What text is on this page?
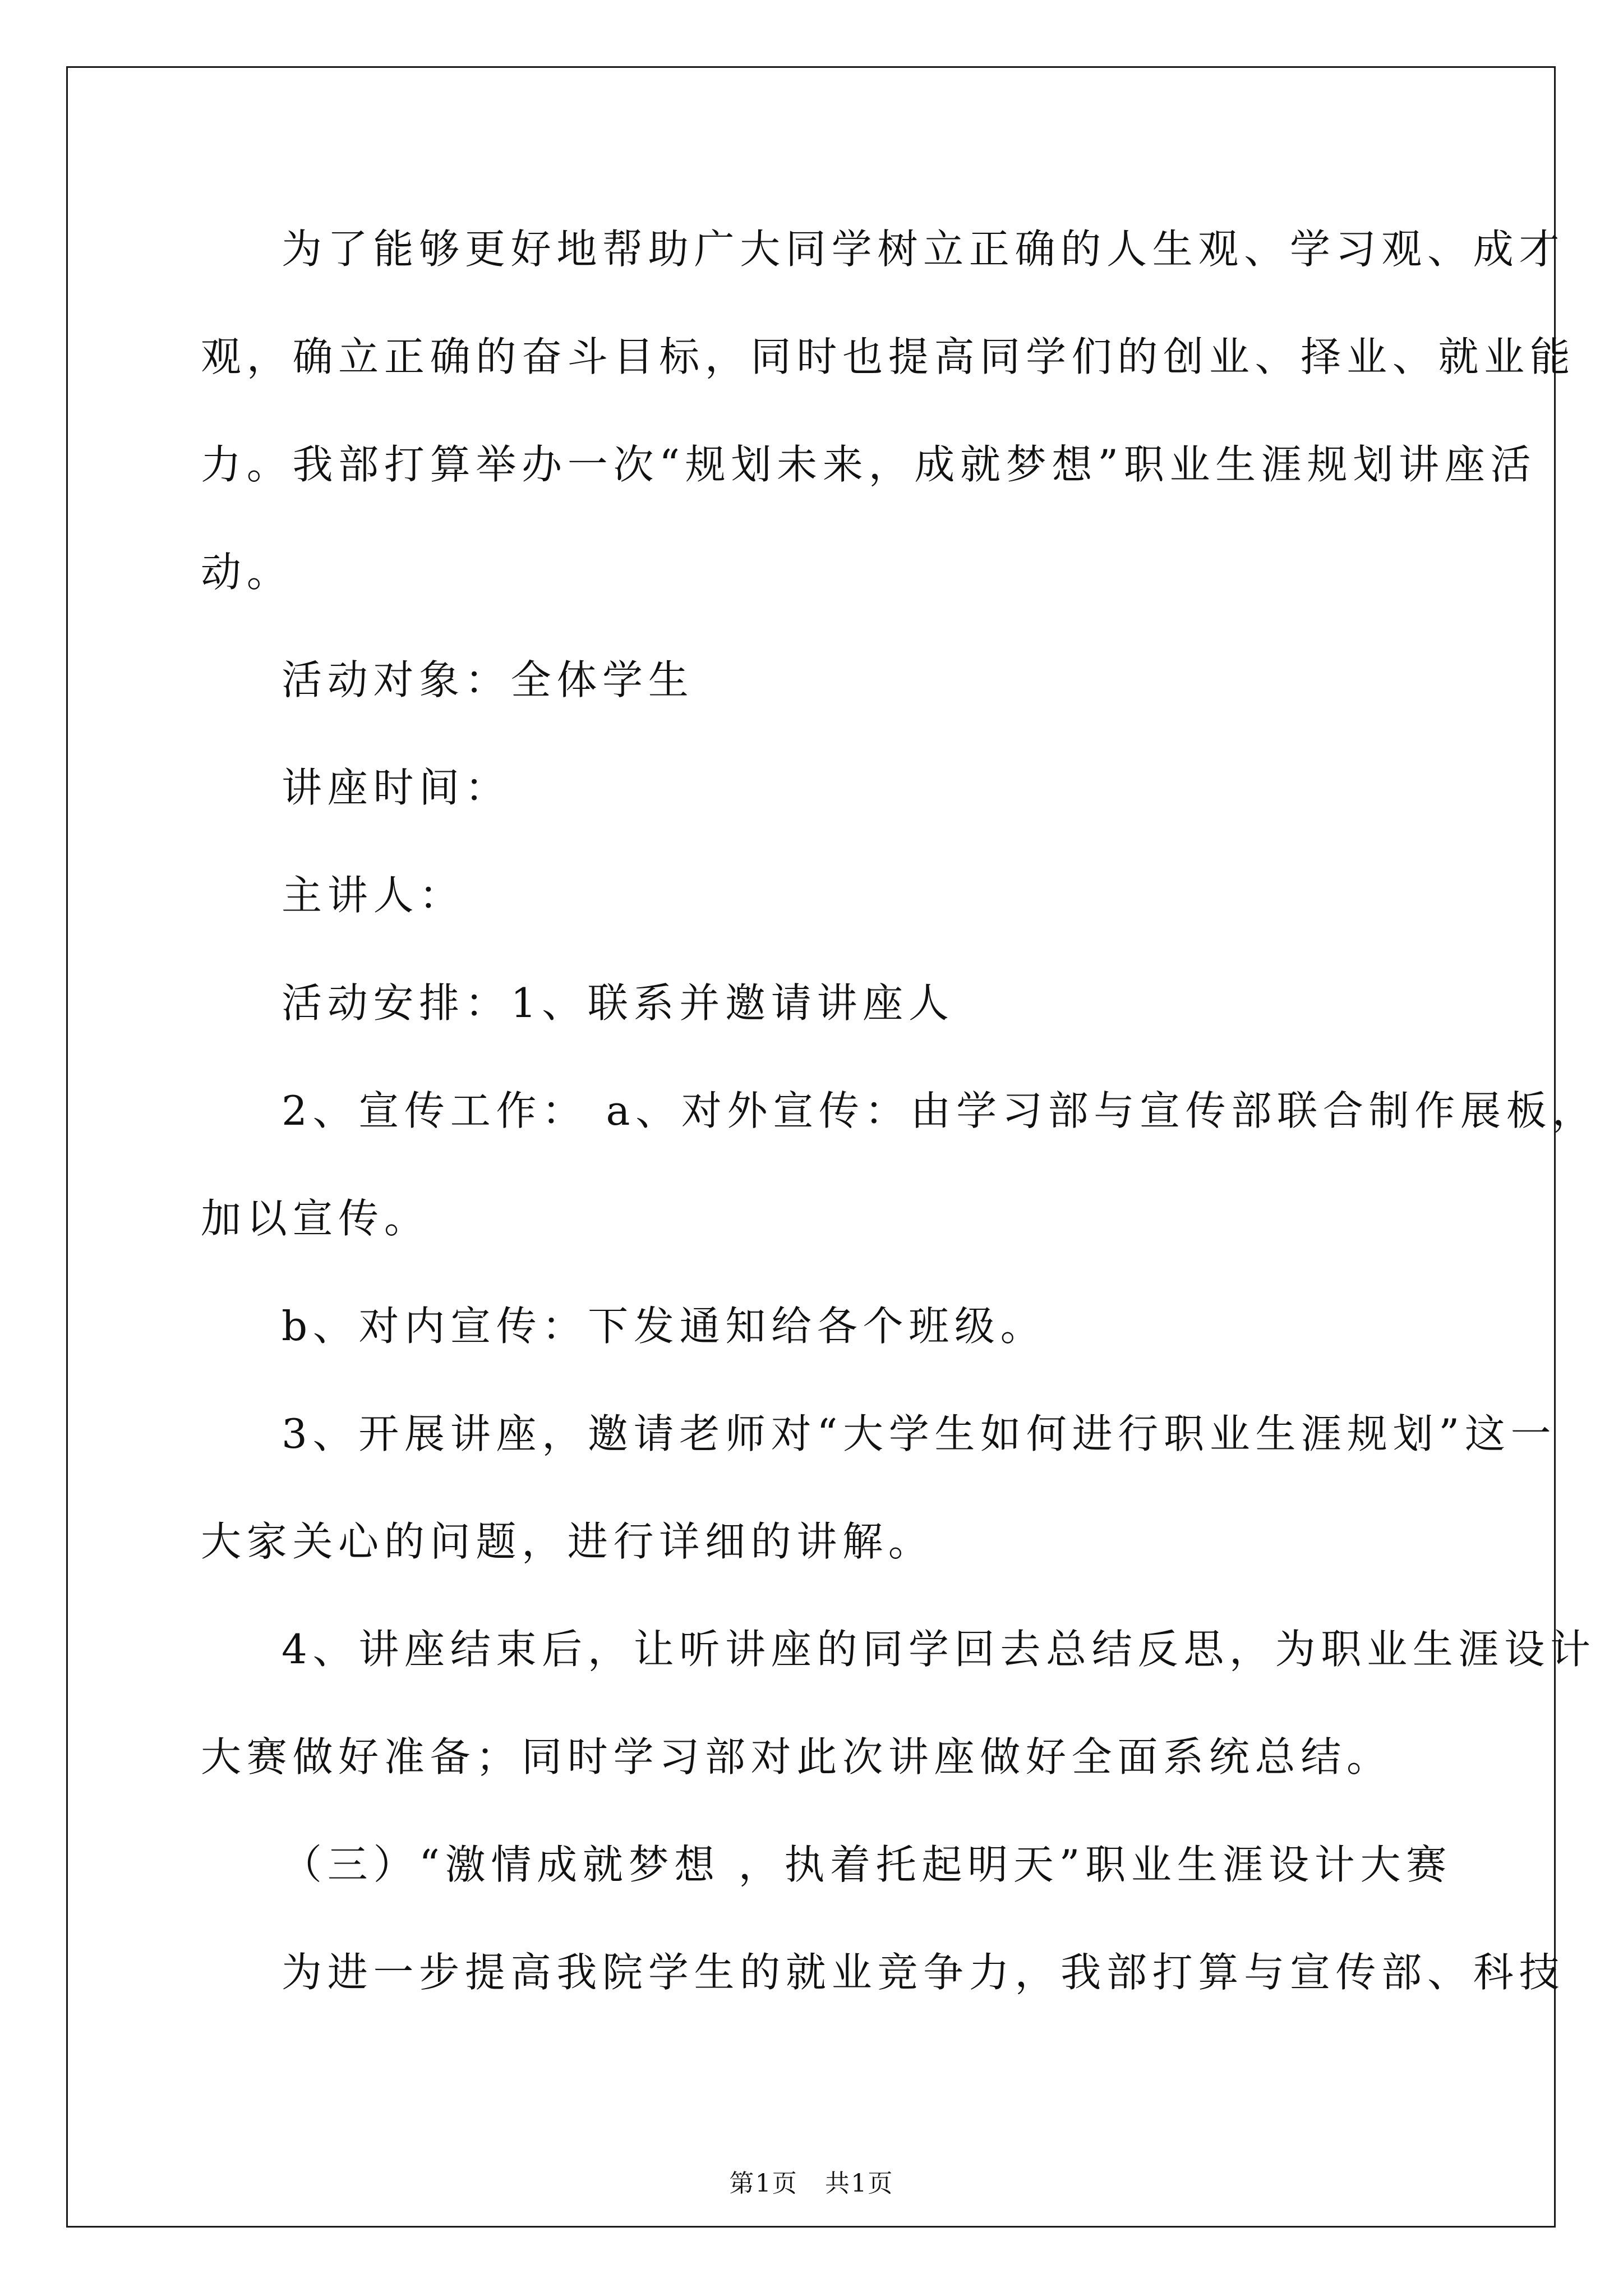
为了能够更好地帮助广大同学树立正确的人生观、学习观、成才
观，确立正确的奋斗目标，同时也提高同学们的创业、择业、就业能
力。我部打算举办一次“规划未来，成就梦想”职业生涯规划讲座活
动。
活动对象：全体学生
讲座时间：
主讲人：
活动安排：1、联系并邀请讲座人
2、宣传工作： a、对外宣传：由学习部与宣传部联合制作展板，
加以宣传。
b、对内宣传：下发通知给各个班级。
3、开展讲座，邀请老师对“大学生如何进行职业生涯规划”这一
大家关心的问题，进行详细的讲解。
4、讲座结束后，让听讲座的同学回去总结反思，为职业生涯设计
大赛做好准备；同时学习部对此次讲座做好全面系统总结。
（三）“激情成就梦想 ，执着托起明天”职业生涯设计大赛
为进一步提高我院学生的就业竞争力，我部打算与宣传部、科技
第1页 共1页
